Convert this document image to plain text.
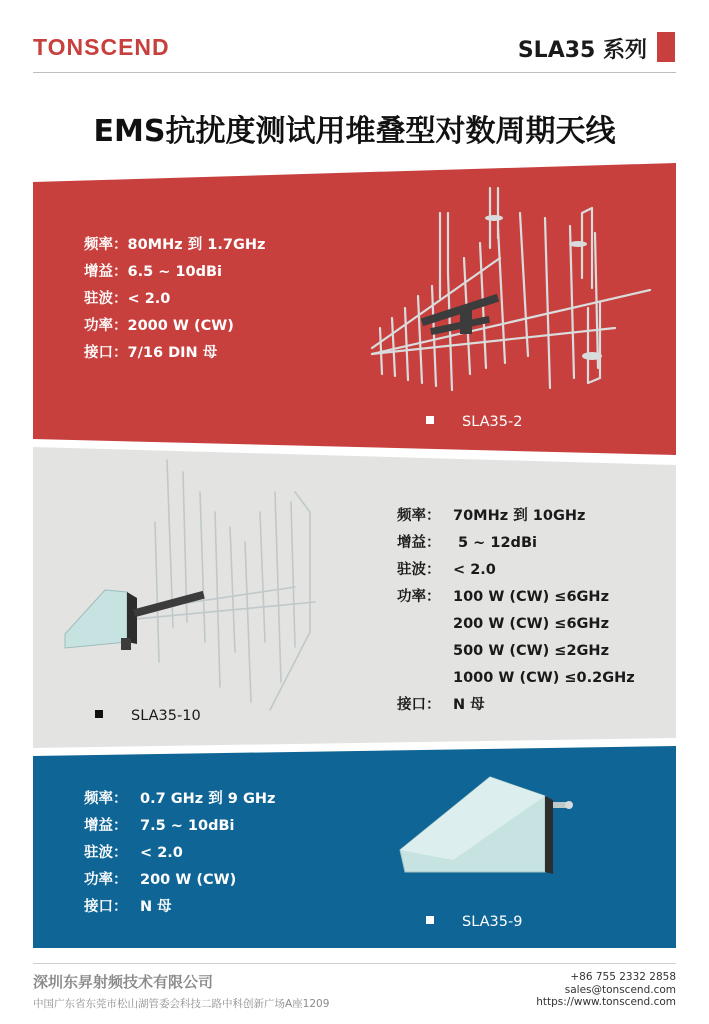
TONSCEND	SLA35 系列
EMS抗扰度测试用堆叠型对数周期天线
频率：80MHz 到 1.7GHz
增益：6.5 ~ 10dBi
驻波：< 2.0
功率：2000 W (CW)
接口：7/16 DIN 母
SLA35-2
SLA35-10
频率： 70MHz 到 10GHz
增益： 5 ~ 12dBi
驻波： < 2.0
功率： 100 W (CW) ≤6GHz
200 W (CW) ≤6GHz
500 W (CW) ≤2GHz
1000 W (CW) ≤0.2GHz
接口： N 母
频率： 0.7 GHz 到 9 GHz
增益： 7.5 ~ 10dBi
驻波： < 2.0
功率： 200 W (CW)
接口： N 母
SLA35-9
深圳东昇射频技术有限公司
中国广东省东莞市松山湖管委会科技二路中科创新广场A座1209
+86 755 2332 2858
sales@tonscend.com
https://www.tonscend.com
